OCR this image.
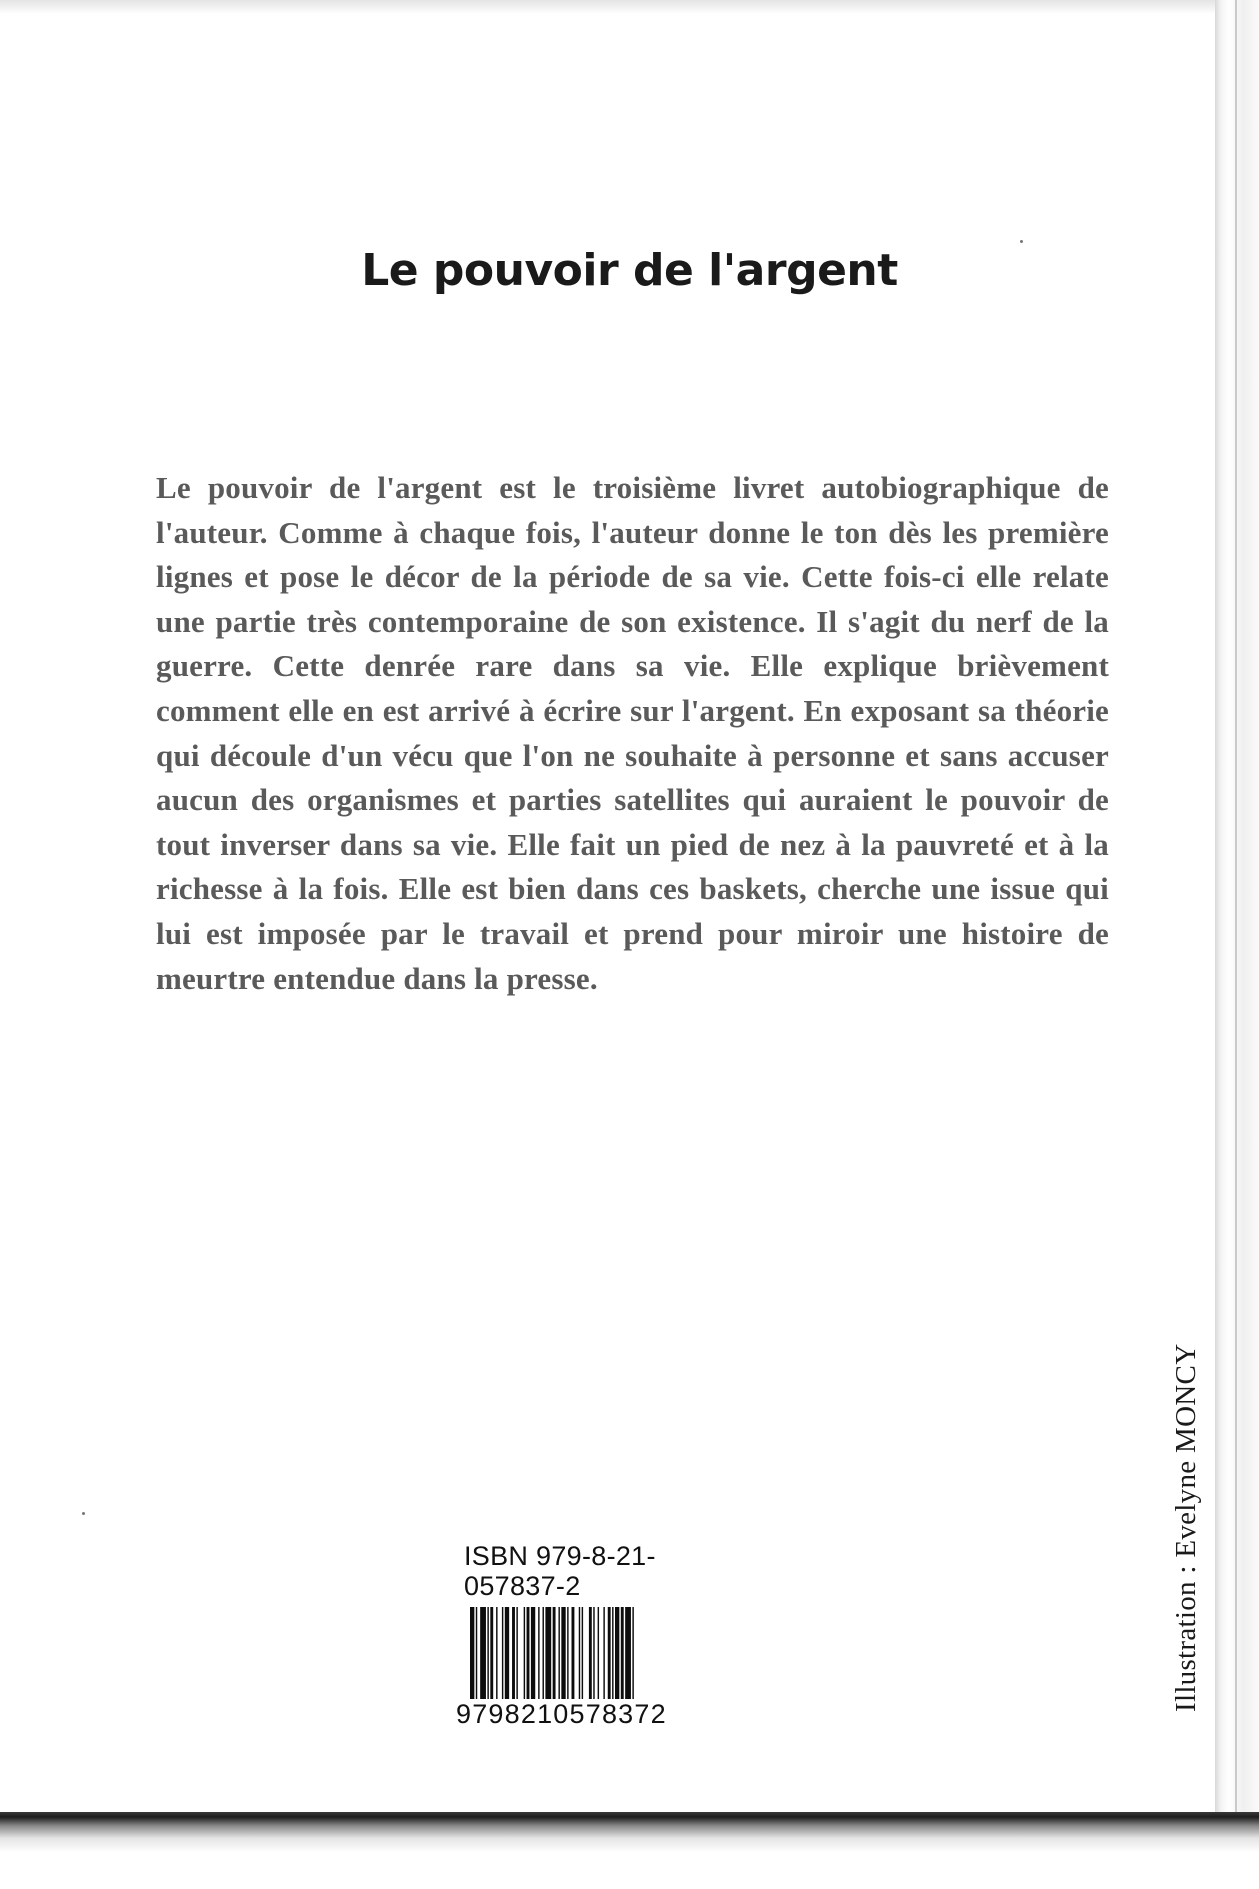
Le pouvoir de l'argent
Le pouvoir de l'argent est le troisième livret autobiographique de l'auteur. Comme à chaque fois, l'auteur donne le ton dès les première lignes et pose le décor de la période de sa vie. Cette fois-ci elle relate une partie très contemporaine de son existence. Il s'agit du nerf de la guerre. Cette denrée rare dans sa vie. Elle explique brièvement comment elle en est arrivé à écrire sur l'argent. En exposant sa théorie qui découle d'un vécu que l'on ne souhaite à personne et sans accuser aucun des organismes et parties satellites qui auraient le pouvoir de tout inverser dans sa vie. Elle fait un pied de nez à la pauvreté et à la richesse à la fois. Elle est bien dans ces baskets, cherche une issue qui lui est imposée par le travail et prend pour miroir une histoire de meurtre entendue dans la presse.
ISBN 979-8-21-057837-2
9798210578372
Illustration : Evelyne MONCY
